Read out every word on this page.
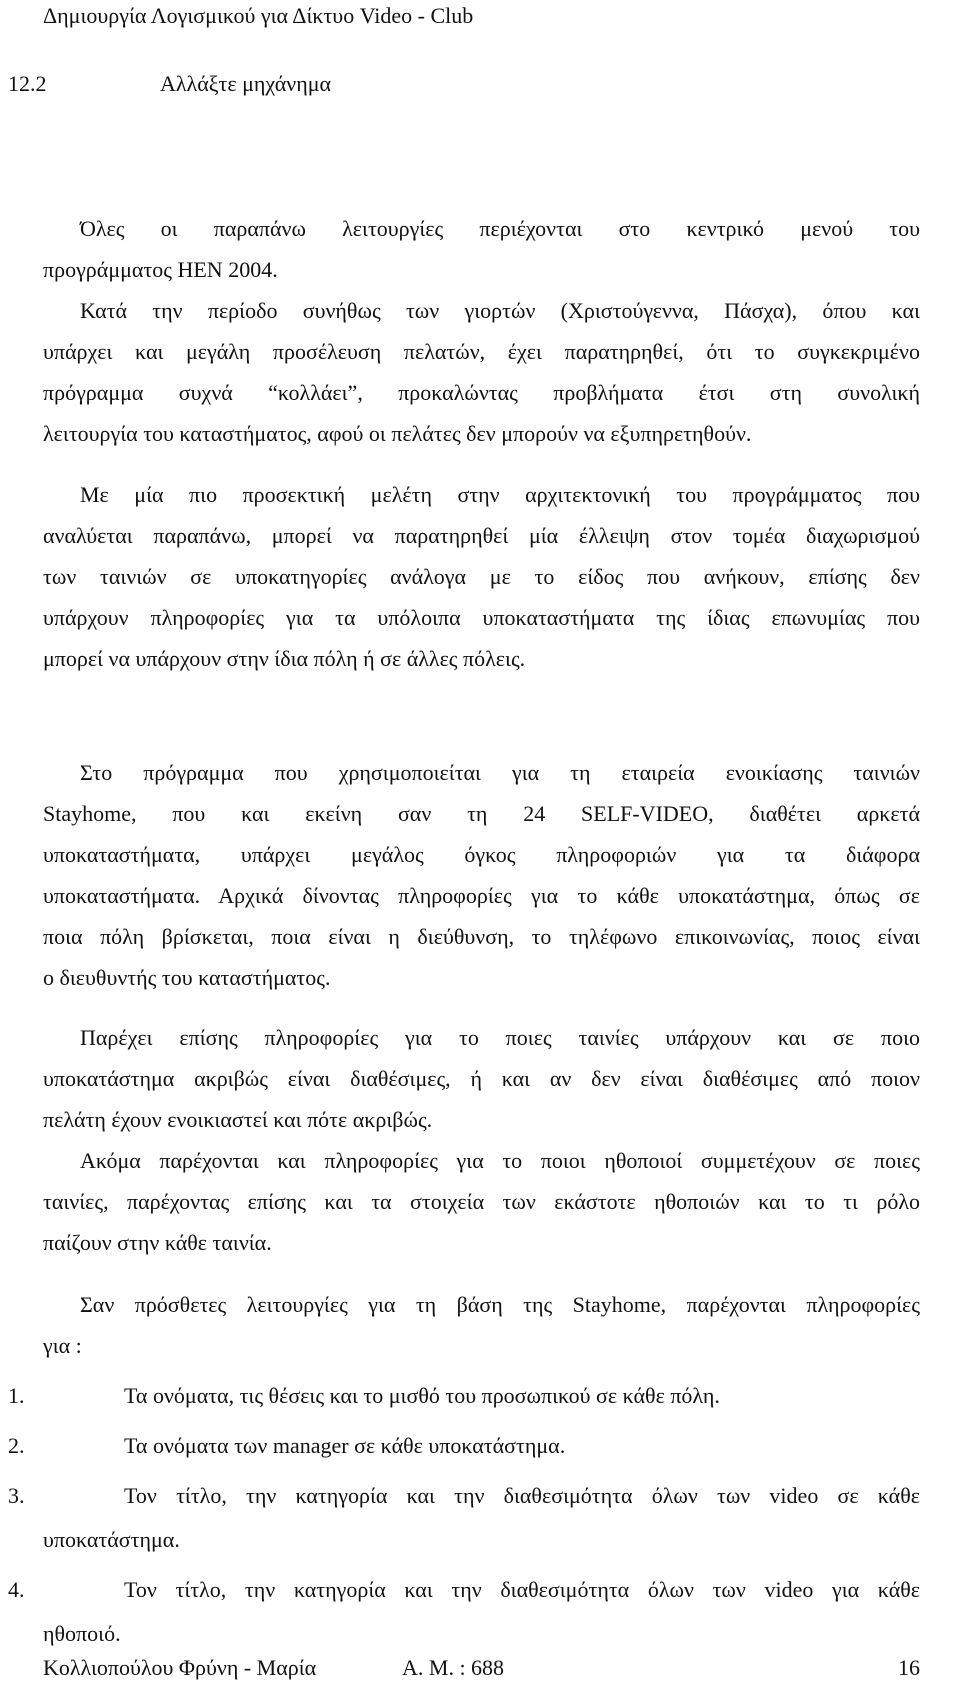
Δημιουργία Λογισμικού για Δίκτυο Video - Club
12.2	Αλλάξτε μηχάνημα

Όλες οι παραπάνω λειτουργίες περιέχονται στο κεντρικό μενού του

προγράμματος ΗΕΝ 2004.

Κατά την περίοδο συνήθως των γιορτών (Χριστούγεννα, Πάσχα), όπου και

υπάρχει και μεγάλη προσέλευση πελατών, έχει παρατηρηθεί, ότι το συγκεκριμένο

πρόγραμμα συχνά “κολλάει”, προκαλώντας προβλήματα έτσι στη συνολική

λειτουργία του καταστήματος, αφού οι πελάτες δεν μπορούν να εξυπηρετηθούν.

Με μία πιο προσεκτική μελέτη στην αρχιτεκτονική του προγράμματος που

αναλύεται παραπάνω, μπορεί να παρατηρηθεί μία έλλειψη στον τομέα διαχωρισμού

των ταινιών σε υποκατηγορίες ανάλογα με το είδος που ανήκουν, επίσης δεν

υπάρχουν πληροφορίες για τα υπόλοιπα υποκαταστήματα της ίδιας επωνυμίας που

μπορεί να υπάρχουν στην ίδια πόλη ή σε άλλες πόλεις.

Στο πρόγραμμα που χρησιμοποιείται για τη εταιρεία ενοικίασης ταινιών

Stayhome, που και εκείνη σαν τη 24 SELF-VIDEO, διαθέτει αρκετά

υποκαταστήματα, υπάρχει μεγάλος όγκος πληροφοριών για τα διάφορα

υποκαταστήματα. Αρχικά δίνοντας πληροφορίες για το κάθε υποκατάστημα, όπως σε

ποια πόλη βρίσκεται, ποια είναι η διεύθυνση, το τηλέφωνο επικοινωνίας, ποιος είναι

ο διευθυντής του καταστήματος.

Παρέχει επίσης πληροφορίες για το ποιες ταινίες υπάρχουν και σε ποιο

υποκατάστημα ακριβώς είναι διαθέσιμες, ή και αν δεν είναι διαθέσιμες από ποιον

πελάτη έχουν ενοικιαστεί και πότε ακριβώς.

Ακόμα παρέχονται και πληροφορίες για το ποιοι ηθοποιοί συμμετέχουν σε ποιες

ταινίες, παρέχοντας επίσης και τα στοιχεία των εκάστοτε ηθοποιών και το τι ρόλο

παίζουν στην κάθε ταινία.

Σαν πρόσθετες λειτουργίες για τη βάση της Stayhome, παρέχονται πληροφορίες

για :

1.	Τα ονόματα, τις θέσεις και το μισθό του προσωπικού σε κάθε πόλη.
2.	Τα ονόματα των manager σε κάθε υποκατάστημα.
3.	Τον τίτλο, την κατηγορία και την διαθεσιμότητα όλων των video σε κάθε

υποκατάστημα.

4.	Τον τίτλο, την κατηγορία και την διαθεσιμότητα όλων των video για κάθε

ηθοποιό.

Κολλιοπούλου Φρύνη - Μαρία	Α. Μ. : 688	16
